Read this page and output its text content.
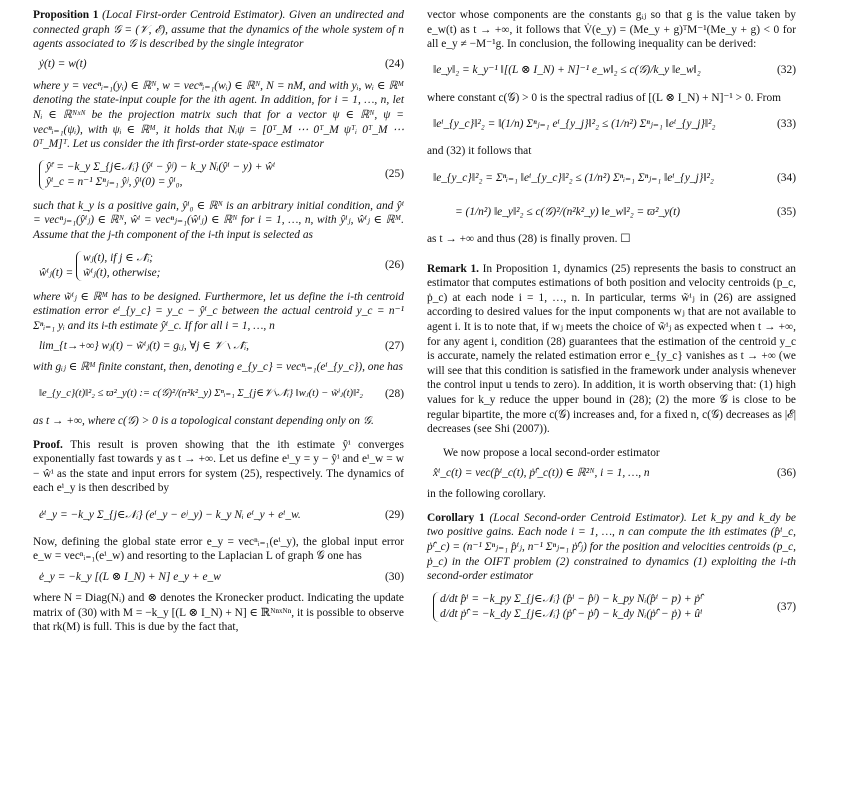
Proposition 1 (Local First-order Centroid Estimator). Given an undirected and connected graph 𝒢 = (𝒱, ℰ), assume that the dynamics of the whole system of n agents associated to 𝒢 is described by the single integrator

ẏ(t) = w(t)	(24)

where y = vecⁿᵢ₌₁(yᵢ) ∈ ℝᴺ, w = vecⁿᵢ₌₁(wᵢ) ∈ ℝᴺ, N = nM, and with yᵢ, wᵢ ∈ ℝᴹ denoting the state-input couple for the ith agent. In addition, for i = 1, …, n, let Nᵢ ∈ ℝᴺˣᴺ be the projection matrix such that for a vector ψ ∈ ℝᴺ, ψ = vecⁿᵢ₌₁(ψᵢ), with ψᵢ ∈ ℝᴹ, it holds that Nᵢψ = [0ᵀ_M ⋯ 0ᵀ_M ψᵀᵢ 0ᵀ_M ⋯ 0ᵀ_M]ᵀ. Let us consider the ith first-order state-space estimator

ŷ̇ⁱ = −k_y Σ_{j∈𝒩ᵢ} (ŷⁱ − ŷʲ) − k_y Nᵢ(ŷⁱ − y) + ŵⁱ
ŷⁱ_c = n⁻¹ Σⁿⱼ₌₁ ŷʲ, ŷⁱ(0) = ŷⁱ₀,
(25)

such that k_y is a positive gain, ŷⁱ₀ ∈ ℝᴺ is an arbitrary initial condition, and ŷⁱ = vecⁿⱼ₌₁(ŷⁱⱼ) ∈ ℝᴺ, ŵⁱ = vecⁿⱼ₌₁(ŵⁱⱼ) ∈ ℝᴺ for i = 1, …, n, with ŷⁱⱼ, ŵⁱⱼ ∈ ℝᴹ. Assume that the j-th component of the i-th input is selected as

ŵⁱⱼ(t) = wⱼ(t), if j ∈ 𝒩̄ᵢ;
w̃ⁱⱼ(t), otherwise;
(26)

where w̃ⁱⱼ ∈ ℝᴹ has to be designed. Furthermore, let us define the i-th centroid estimation error eⁱ_{y_c} = y_c − ŷⁱ_c between the actual centroid y_c = n⁻¹ Σⁿᵢ₌₁ yᵢ and its i-th estimate ŷⁱ_c. If for all i = 1, …, n

lim_{t→+∞} wⱼ(t) − w̃ⁱⱼ(t) = gᵢⱼ, ∀j ∈ 𝒱 ∖ 𝒩̄ᵢ,	(27)

with gᵢⱼ ∈ ℝᴹ finite constant, then, denoting e_{y_c} = vecⁿᵢ₌₁(eⁱ_{y_c}), one has

‖e_{y_c}(t)‖²₂ ≤ ϖ²_y(t) := c(𝒢)²/(n²k²_y) Σⁿᵢ₌₁ Σ_{j∈𝒱∖𝒩̄ᵢ} ‖wⱼ(t) − w̃ⁱⱼ(t)‖²₂	(28)

as t → +∞, where c(𝒢) > 0 is a topological constant depending only on 𝒢.

Proof. This result is proven showing that the ith estimate ŷⁱ converges exponentially fast towards y as t → +∞. Let us define eⁱ_y = y − ŷⁱ and eⁱ_w = w − ŵⁱ as the state and input errors for system (25), respectively. The dynamics of each eⁱ_y is then described by

ėⁱ_y = −k_y Σ_{j∈𝒩ᵢ} (eⁱ_y − eʲ_y) − k_y Nᵢ eⁱ_y + eⁱ_w.	(29)

Now, defining the global state error e_y = vecⁿᵢ₌₁(eⁱ_y), the global input error e_w = vecⁿᵢ₌₁(eⁱ_w) and resorting to the Laplacian L of graph 𝒢 one has

ė_y = −k_y [(L ⊗ I_N) + N] e_y + e_w	(30)

where N = Diag(Nᵢ) and ⊗ denotes the Kronecker product. Indicating the update matrix of (30) with M = −k_y [(L ⊗ I_N) + N] ∈ ℝᴺⁿˣᴺⁿ, it is possible to observe that rk(M) is full. This is due by the fact that,

vector whose components are the constants gᵢⱼ so that g is the value taken by e_w(t) as t → +∞, it follows that V̇(e_y) = (Me_y + g)ᵀM⁻¹(Me_y + g) < 0 for all e_y ≠ −M⁻¹g. In conclusion, the following inequality can be derived:

‖e_y‖₂ = k_y⁻¹ ‖[(L ⊗ I_N) + N]⁻¹ e_w‖₂ ≤ c(𝒢)/k_y ‖e_w‖₂	(32)

where constant c(𝒢) > 0 is the spectral radius of [(L ⊗ I_N) + N]⁻¹ > 0. From

‖eⁱ_{y_c}‖²₂ = ‖(1/n) Σⁿⱼ₌₁ eⁱ_{y_j}‖²₂ ≤ (1/n²) Σⁿⱼ₌₁ ‖eⁱ_{y_j}‖²₂	(33)

and (32) it follows that

‖e_{y_c}‖²₂ = Σⁿᵢ₌₁ ‖eⁱ_{y_c}‖²₂ ≤ (1/n²) Σⁿᵢ₌₁ Σⁿⱼ₌₁ ‖eⁱ_{y_j}‖²₂	(34)
= (1/n²) ‖e_y‖²₂ ≤ c(𝒢)²/(n²k²_y) ‖e_w‖²₂ = ϖ²_y(t)	(35)

as t → +∞ and thus (28) is finally proven. ☐

Remark 1. In Proposition 1, dynamics (25) represents the basis to construct an estimator that computes estimations of both position and velocity centroids (p_c, ṗ_c) at each node i = 1, …, n. In particular, terms w̃ⁱⱼ in (26) are assigned according to desired values for the input components wⱼ that are not available to agent i. It is to note that, if wⱼ meets the choice of w̃ⁱⱼ as expected when t → +∞, for any agent i, condition (28) guarantees that the estimation of the centroid y_c is accurate, namely the related estimation error e_{y_c} vanishes as t → +∞ (we will see that this condition is satisfied in the framework under analysis whenever the control input u tends to zero). In addition, it is worth observing that: (1) high values for k_y reduce the upper bound in (28); (2) the more 𝒢 is close to be regular bipartite, the more c(𝒢) increases and, for a fixed n, c(𝒢) decreases as |ℰ| decreases (see Shi (2007)).

We now propose a local second-order estimator

x̂ⁱ_c(t) = vec(p̂ⁱ_c(t), ṗ̂ⁱ_c(t)) ∈ ℝ²ᴺ, i = 1, …, n	(36)

in the following corollary.

Corollary 1 (Local Second-order Centroid Estimator). Let k_py and k_dy be two positive gains. Each node i = 1, …, n can compute the ith estimates (p̂ⁱ_c, ṗ̂ⁱ_c) = (n⁻¹ Σⁿⱼ₌₁ p̂ⁱⱼ, n⁻¹ Σⁿⱼ₌₁ ṗ̂ⁱⱼ) for the position and velocities centroids (p_c, ṗ_c) in the OIFT problem (2) constrained to dynamics (1) exploiting the i-th second-order estimator

d/dt p̂ⁱ = −k_py Σ_{j∈𝒩ᵢ} (p̂ⁱ − p̂ʲ) − k_py Nᵢ(p̂ⁱ − p) + ṗ̂ⁱ
d/dt ṗ̂ⁱ = −k_dy Σ_{j∈𝒩ᵢ} (ṗ̂ⁱ − ṗ̂ʲ) − k_dy Nᵢ(ṗ̂ⁱ − ṗ) + ûⁱ
(37)
